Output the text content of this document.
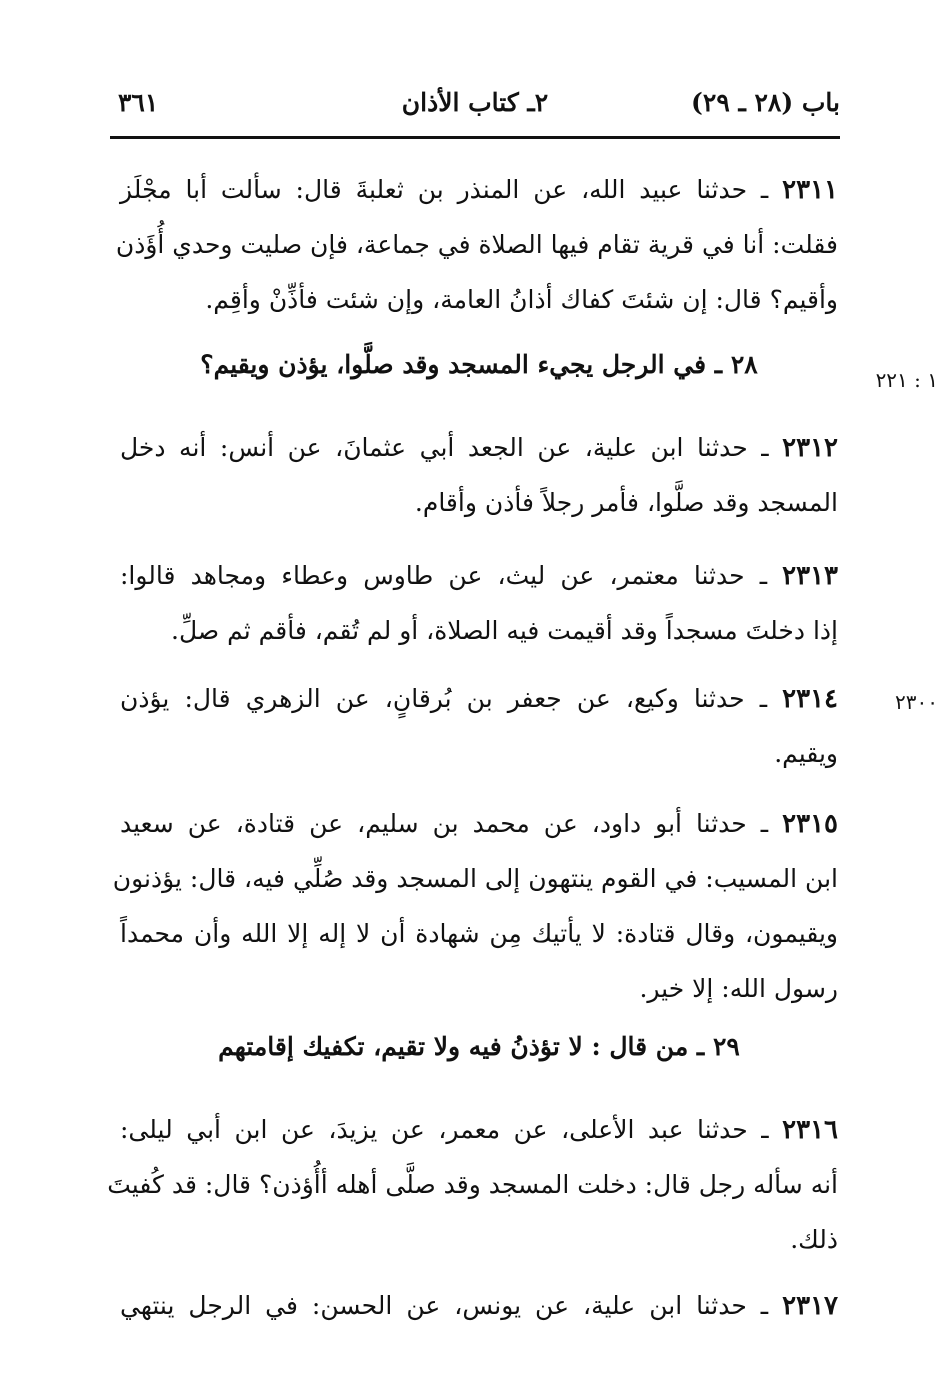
باب (٢٨ ـ ٢٩)
٢ـ كتاب الأذان
٣٦١
٢٣١١ ـ حدثنا عبيد الله، عن المنذر بن ثعلبةَ قال: سألت أبا مجْلَز
فقلت: أنا في قرية تقام فيها الصلاة في جماعة، فإن صليت وحدي أُؤَذن
وأقيم؟ قال: إن شئتَ كفاك أذانُ العامة، وإن شئت فأذِّنْ وأقِم.
٢٨ ـ في الرجل يجيء المسجد وقد صلَّوا، يؤذن ويقيم؟
١ : ٢٢١
٢٣١٢ ـ حدثنا ابن علية، عن الجعد أبي عثمانَ، عن أنس: أنه دخل
المسجد وقد صلَّوا، فأمر رجلاً فأذن وأقام.
٢٣١٣ ـ حدثنا معتمر، عن ليث، عن طاوس وعطاء ومجاهد قالوا:
إذا دخلتَ مسجداً وقد أقيمت فيه الصلاة، أو لم تُقم، فأقم ثم صلِّ.
٢٣١٤ ـ حدثنا وكيع، عن جعفر بن بُرقانٍ، عن الزهري قال: يؤذن
ويقيم.
٢٣٠٠
٢٣١٥ ـ حدثنا أبو داود، عن محمد بن سليم، عن قتادة، عن سعيد
ابن المسيب: في القوم ينتهون إلى المسجد وقد صُلِّي فيه، قال: يؤذنون
ويقيمون، وقال قتادة: لا يأتيك مِن شهادة أن لا إله إلا الله وأن محمداً
رسول الله: إلا خير.
٢٩ ـ من قال : لا تؤذنُ فيه ولا تقيم، تكفيك إقامتهم
٢٣١٦ ـ حدثنا عبد الأعلى، عن معمر، عن يزيدَ، عن ابن أبي ليلى:
أنه سأله رجل قال: دخلت المسجد وقد صلَّى أهله أأُؤذن؟ قال: قد كُفيتَ
ذلك.
٢٣١٧ ـ حدثنا ابن علية، عن يونس، عن الحسن: في الرجل ينتهي
